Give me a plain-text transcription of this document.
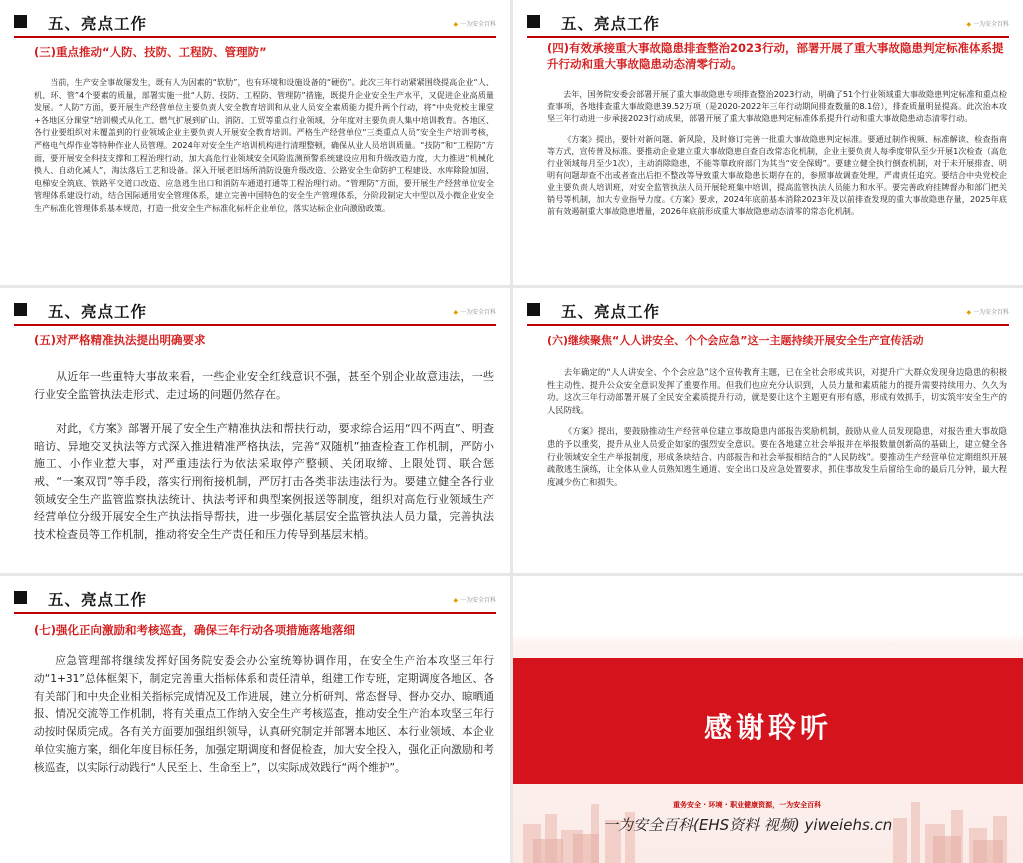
五、亮点工作	◆ 一为安全百科
(三)重点推动“人防、技防、工程防、管理防”

当前，生产安全事故屡发生，既有人为因素的“软肋”，也有环境和设施设备的“硬伤”。此次三年行动紧紧围绕提高企业“人、机、环、管”4个要素的质量，部署实施一批“人防、技防、工程防、管理防”措施，既提升企业安全生产水平，又促进企业高质量发展。“人防”方面，要开展生产经营单位主要负责人安全教育培训和从业人员安全素质能力提升两个行动，将“中央党校主课堂+各地区分课堂”培训模式从化工、燃气扩展到矿山、消防、工贸等重点行业领域，分年度对主要负责人集中培训教育。各地区、各行业要组织对未覆盖到的行业领域企业主要负责人开展安全教育培训。严格生产经营单位“三类重点人员”安全生产培训考核，严格电气焊作业等特种作业人员管理。2024年对安全生产培训机构进行清理整顿，确保从业人员培训质量。“技防”和“工程防”方面，要开展安全科技支撑和工程治理行动，加大高危行业领域安全风险监测预警系统建设应用和升级改造力度，大力推进“机械化换人、自动化减人”，淘汰落后工艺和设备。深入开展老旧场所消防设施升级改造、公路安全生命防护工程建设、水库除险加固、电梯安全筑底、铁路平交道口改造、应急逃生出口和消防车通道打通等工程治理行动。“管理防”方面，要开展生产经营单位安全管理体系建设行动，结合国际通用安全管理体系，建立完善中国特色的安全生产管理体系，分阶段制定大中型以及小微企业安全生产标准化管理体系基本规范，打造一批安全生产标准化标杆企业单位，落实达标企业向激励政策。

五、亮点工作	◆ 一为安全百科
(四)有效承接重大事故隐患排查整治2023行动，部署开展了重大事故隐患判定标准体系提升行动和重大事故隐患动态清零行动。

去年，国务院安委会部署开展了重大事故隐患专项排查整治2023行动，明确了51个行业领域重大事故隐患判定标准和重点检查事项，各地排查重大事故隐患39.52万项（是2020-2022年三年行动期间排查数量的8.1倍），排查质量明显提高。此次治本攻坚三年行动进一步承接2023行动成果，部署开展了重大事故隐患判定标准体系提升行动和重大事故隐患动态清零行动。

《方案》提出，要针对新问题、新风险，及时修订完善一批重大事故隐患判定标准。要通过制作视频、标准解读、检查指南等方式，宣传普及标准。要推动企业建立重大事故隐患自查自改常态化机制，企业主要负责人每季度带队至少开展1次检查（高危行业领域每月至少1次），主动消除隐患，不能等靠政府部门为其当“安全保姆”。要建立健全执行倒查机制，对于未开展排查、明明有问题却查不出或者查出后拒不整改等导致重大事故隐患长期存在的，参照事故调查处理，严肃责任追究。要结合中央党校企业主要负责人培训班，对安全监管执法人员开展轮班集中培训，提高监管执法人员能力和水平。要完善政府挂牌督办和部门把关销号等机制，加大专业指导力度。《方案》要求，2024年底前基本消除2023年及以前排查发现的重大事故隐患存量，2025年底前有效遏制重大事故隐患增量，2026年底前形成重大事故隐患动态清零的常态化机制。

五、亮点工作	◆ 一为安全百科
(五)对严格精准执法提出明确要求

从近年一些重特大事故来看，一些企业安全红线意识不强，甚至个别企业故意违法，一些行业安全监管执法走形式、走过场的问题仍然存在。

对此，《方案》部署开展了安全生产精准执法和帮扶行动，要求综合运用“四不两直”、明查暗访、异地交叉执法等方式深入推进精准严格执法，完善“双随机”抽查检查工作机制，严防小施工、小作业惹大事，对严重违法行为依法采取停产整顿、关闭取缔、上限处罚、联合惩戒、“一案双罚”等手段，落实行刑衔接机制，严厉打击各类非法违法行为。要建立健全各行业领域安全生产监管监察执法统计、执法考评和典型案例报送等制度，组织对高危行业领域生产经营单位分级开展安全生产执法指导帮扶，进一步强化基层安全监管执法人员力量，完善执法技术检查员等工作机制，推动将安全生产责任和压力传导到基层末梢。

五、亮点工作	◆ 一为安全百科
(六)继续聚焦“人人讲安全、个个会应急”这一主题持续开展安全生产宣传活动

去年确定的“人人讲安全、个个会应急”这个宣传教育主题，已在全社会形成共识，对提升广大群众发现身边隐患的积极性主动性、提升公众安全意识发挥了重要作用。但我们也应充分认识到，人员力量和素质能力的提升需要持续用力、久久为功。这次三年行动部署开展了全民安全素质提升行动，就是要让这个主题更有形有感，形成有效抓手，切实筑牢安全生产的人民防线。

《方案》提出，要鼓励推动生产经营单位建立事故隐患内部报告奖励机制，鼓励从业人员发现隐患，对报告重大事故隐患的予以重奖，提升从业人员爱企如家的强烈安全意识。要在各地建立社会举报并在举报数量创新高的基础上，建立健全各行业领域安全生产举报制度，形成条块结合、内部报告和社会举报相结合的“人民防线”。要推动生产经营单位定期组织开展疏散逃生演练，让全体从业人员熟知逃生通道、安全出口及应急处置要求，抓住事故发生后留给生命的最后几分钟，最大程度减少伤亡和损失。

五、亮点工作	◆ 一为安全百科
(七)强化正向激励和考核巡查，确保三年行动各项措施落地落细

应急管理部将继续发挥好国务院安委会办公室统筹协调作用，在安全生产治本攻坚三年行动“1+31”总体框架下，制定完善重大指标体系和责任清单，组建工作专班，定期调度各地区、各有关部门和中央企业相关指标完成情况及工作进展，建立分析研判、常态督导、督办交办、晾晒通报、情况交流等工作机制，将有关重点工作纳入安全生产考核巡查，推动安全生产治本攻坚三年行动按时保质完成。各有关方面要加强组织领导，认真研究制定并部署本地区、本行业领域、本企业单位实施方案，细化年度目标任务，加强定期调度和督促检查，加大安全投入，强化正向激励和考核巡查，以实际行动践行“人民至上、生命至上”，以实际成效践行“两个维护”。

感谢聆听
重务安全 · 环境 · 职业健康资源，一为安全百科
一为安全百科(EHS资料 视频) yiweiehs.cn
